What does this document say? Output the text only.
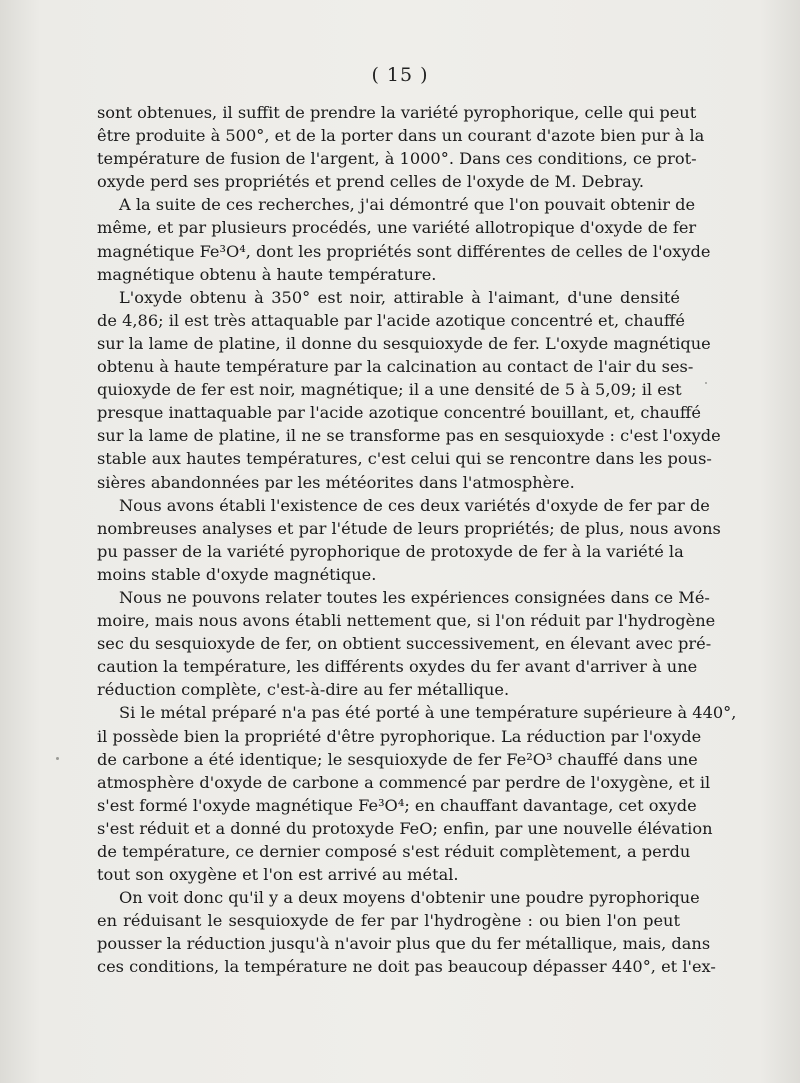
( 15 )
sont obtenues, il suffit de prendre la variété pyrophorique, celle qui peut
être produite à 500°, et de la porter dans un courant d'azote bien pur à la
température de fusion de l'argent, à 1000°. Dans ces conditions, ce prot-
oxyde perd ses propriétés et prend celles de l'oxyde de M. Debray.
A la suite de ces recherches, j'ai démontré que l'on pouvait obtenir de
même, et par plusieurs procédés, une variété allotropique d'oxyde de fer
magnétique Fe³O⁴, dont les propriétés sont différentes de celles de l'oxyde
magnétique obtenu à haute température.
L'oxyde obtenu à 350° est noir, attirable à l'aimant, d'une densité
de 4,86; il est très attaquable par l'acide azotique concentré et, chauffé
sur la lame de platine, il donne du sesquioxyde de fer. L'oxyde magnétique
obtenu à haute température par la calcination au contact de l'air du ses-
quioxyde de fer est noir, magnétique; il a une densité de 5 à 5,09; il est
presque inattaquable par l'acide azotique concentré bouillant, et, chauffé
sur la lame de platine, il ne se transforme pas en sesquioxyde : c'est l'oxyde
stable aux hautes températures, c'est celui qui se rencontre dans les pous-
sières abandonnées par les météorites dans l'atmosphère.
Nous avons établi l'existence de ces deux variétés d'oxyde de fer par de
nombreuses analyses et par l'étude de leurs propriétés; de plus, nous avons
pu passer de la variété pyrophorique de protoxyde de fer à la variété la
moins stable d'oxyde magnétique.
Nous ne pouvons relater toutes les expériences consignées dans ce Mé-
moire, mais nous avons établi nettement que, si l'on réduit par l'hydrogène
sec du sesquioxyde de fer, on obtient successivement, en élevant avec pré-
caution la température, les différents oxydes du fer avant d'arriver à une
réduction complète, c'est-à-dire au fer métallique.
Si le métal préparé n'a pas été porté à une température supérieure à 440°,
il possède bien la propriété d'être pyrophorique. La réduction par l'oxyde
de carbone a été identique; le sesquioxyde de fer Fe²O³ chauffé dans une
atmosphère d'oxyde de carbone a commencé par perdre de l'oxygène, et il
s'est formé l'oxyde magnétique Fe³O⁴; en chauffant davantage, cet oxyde
s'est réduit et a donné du protoxyde FeO; enfin, par une nouvelle élévation
de température, ce dernier composé s'est réduit complètement, a perdu
tout son oxygène et l'on est arrivé au métal.
On voit donc qu'il y a deux moyens d'obtenir une poudre pyrophorique
en réduisant le sesquioxyde de fer par l'hydrogène : ou bien l'on peut
pousser la réduction jusqu'à n'avoir plus que du fer métallique, mais, dans
ces conditions, la température ne doit pas beaucoup dépasser 440°, et l'ex-
